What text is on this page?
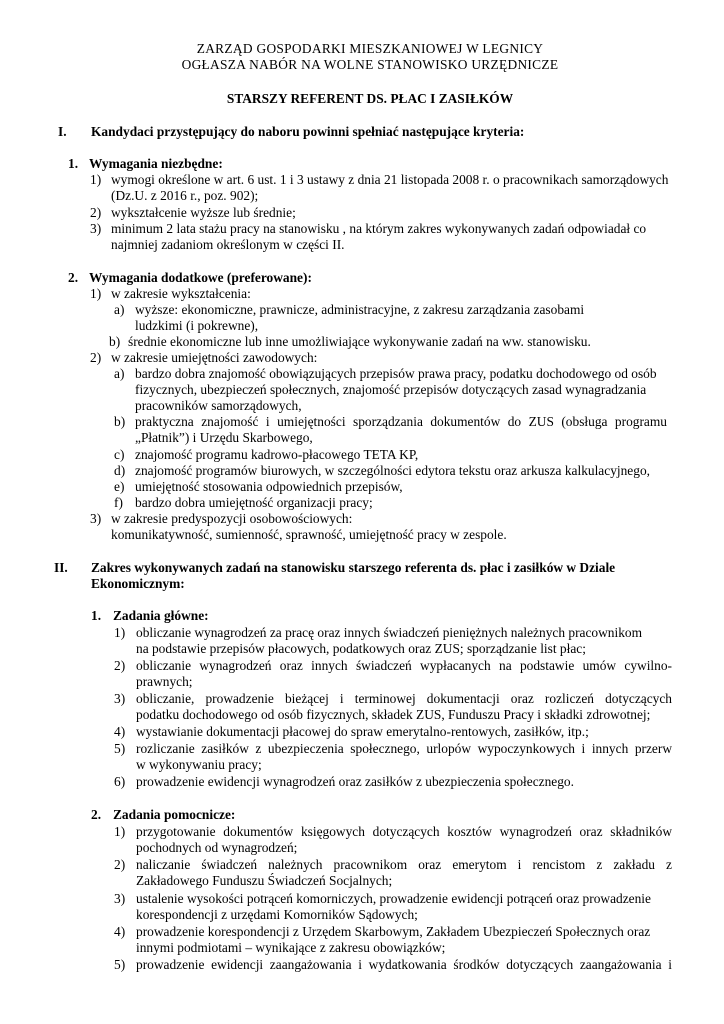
ZARZĄD GOSPODARKI MIESZKANIOWEJ W LEGNICY
OGŁASZA NABÓR NA WOLNE STANOWISKO URZĘDNICZE
STARSZY REFERENT DS. PŁAC I ZASIŁKÓW
I. Kandydaci przystępujący do naboru powinni spełniać następujące kryteria:
1. Wymagania niezbędne:
1) wymogi określone w art. 6 ust. 1 i 3 ustawy z dnia 21 listopada 2008 r. o pracownikach samorządowych
(Dz.U. z 2016 r., poz. 902);
2) wykształcenie wyższe lub średnie;
3) minimum 2 lata stażu pracy na stanowisku , na którym zakres wykonywanych zadań odpowiadał co
najmniej zadaniom określonym w części II.
2. Wymagania dodatkowe (preferowane):
1) w zakresie wykształcenia:
a) wyższe: ekonomiczne, prawnicze, administracyjne, z zakresu zarządzania zasobami
ludzkimi (i pokrewne),
b) średnie ekonomiczne lub inne umożliwiające wykonywanie zadań na ww. stanowisku.
2) w zakresie umiejętności zawodowych:
a) bardzo dobra znajomość obowiązujących przepisów prawa pracy, podatku dochodowego od osób
fizycznych, ubezpieczeń społecznych, znajomość przepisów dotyczących zasad wynagradzania
pracowników samorządowych,
b) praktyczna znajomość i umiejętności sporządzania dokumentów do ZUS (obsługa programu
„Płatnik”) i Urzędu Skarbowego,
c) znajomość programu kadrowo-płacowego TETA KP,
d) znajomość programów biurowych, w szczególności edytora tekstu oraz arkusza kalkulacyjnego,
e) umiejętność stosowania odpowiednich przepisów,
f) bardzo dobra umiejętność organizacji pracy;
3) w zakresie predyspozycji osobowościowych:
komunikatywność, sumienność, sprawność, umiejętność pracy w zespole.
II. Zakres wykonywanych zadań na stanowisku starszego referenta ds. płac i zasiłków w Dziale
Ekonomicznym:
1. Zadania główne:
1) obliczanie wynagrodzeń za pracę oraz innych świadczeń pieniężnych należnych pracownikom
na podstawie przepisów płacowych, podatkowych oraz ZUS; sporządzanie list płac;
2) obliczanie wynagrodzeń oraz innych świadczeń wypłacanych na podstawie umów cywilno-
prawnych;
3) obliczanie, prowadzenie bieżącej i terminowej dokumentacji oraz rozliczeń dotyczących
podatku dochodowego od osób fizycznych, składek ZUS, Funduszu Pracy i składki zdrowotnej;
4) wystawianie dokumentacji płacowej do spraw emerytalno-rentowych, zasiłków, itp.;
5) rozliczanie zasiłków z ubezpieczenia społecznego, urlopów wypoczynkowych i innych przerw
w wykonywaniu pracy;
6) prowadzenie ewidencji wynagrodzeń oraz zasiłków z ubezpieczenia społecznego.
2. Zadania pomocnicze:
1) przygotowanie dokumentów księgowych dotyczących kosztów wynagrodzeń oraz składników
pochodnych od wynagrodzeń;
2) naliczanie świadczeń należnych pracownikom oraz emerytom i rencistom z zakładu z
Zakładowego Funduszu Świadczeń Socjalnych;
3) ustalenie wysokości potrąceń komorniczych, prowadzenie ewidencji potrąceń oraz prowadzenie
korespondencji z urzędami Komorników Sądowych;
4) prowadzenie korespondencji z Urzędem Skarbowym, Zakładem Ubezpieczeń Społecznych oraz
innymi podmiotami – wynikające z zakresu obowiązków;
5) prowadzenie ewidencji zaangażowania i wydatkowania środków dotyczących zaangażowania i
